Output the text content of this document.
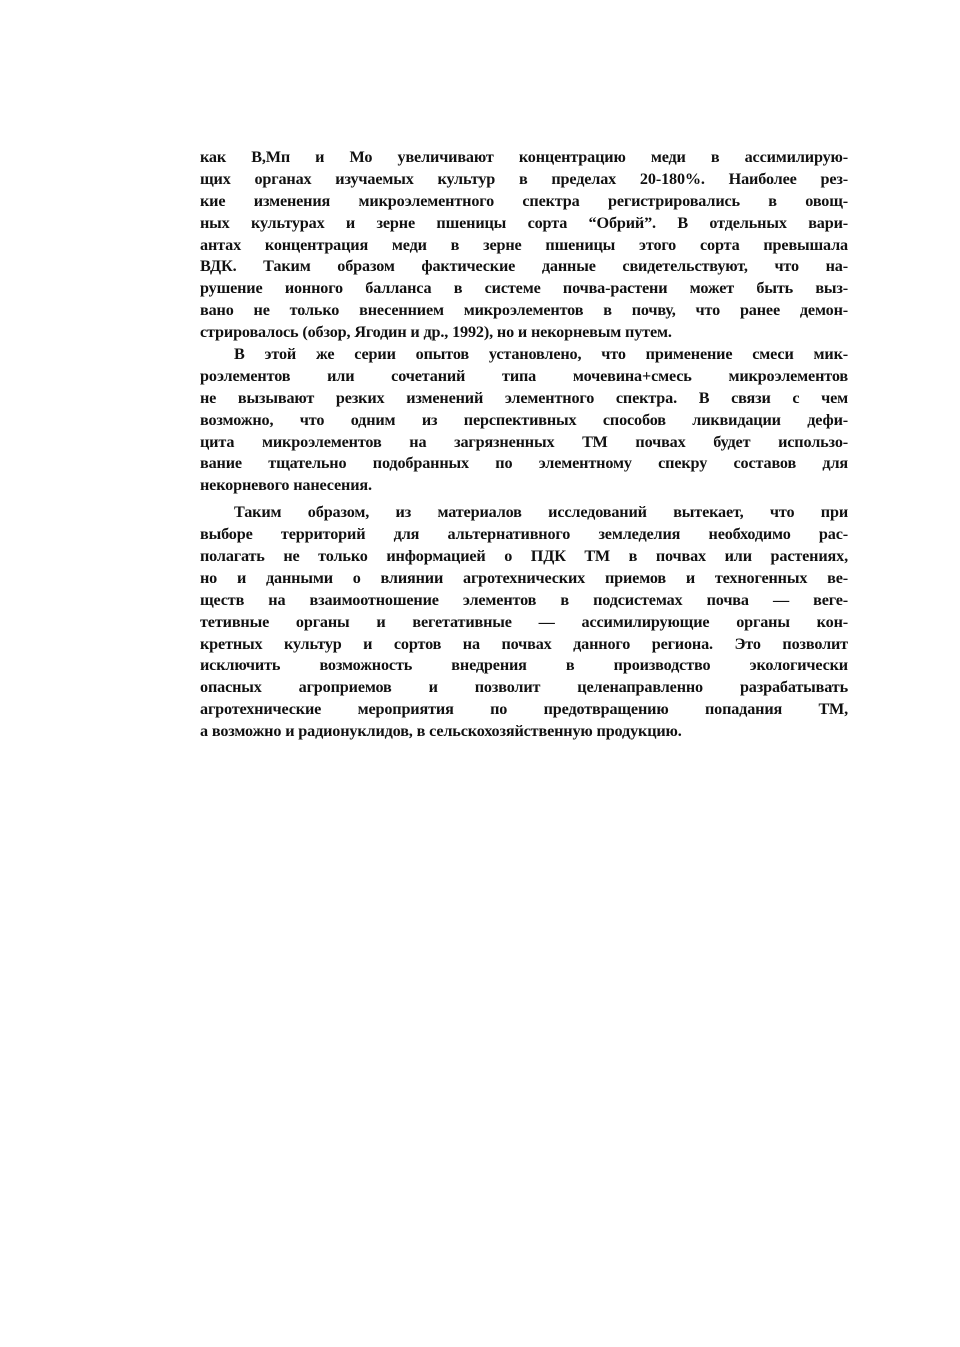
как В,Мп и Мо увеличивают концентрацию меди в ассимилирую-
щих органах изучаемых культур в пределах 20-180%. Наиболее рез-
кие изменения микроэлементного спектра регистрировались в овощ-
ных культурах и зерне пшеницы сорта “Обрий”. В отдельных вари-
антах концентрация меди в зерне пшеницы этого сорта превышала
ВДК. Таким образом фактические данные свидетельствуют, что на-
рушение ионного балланса в системе почва-растени может быть выз-
вано не только внесеннием микроэлементов в почву, что ранее демон-
стрировалось (обзор, Ягодин и др., 1992), но и некорневым путем.
В этой же серии опытов установлено, что применение смеси мик-
роэлементов или сочетаний типа мочевина+смесь микроэлементов
не вызывают резких изменений элементного спектра. В связи с чем
возможно, что одним из перспективных способов ликвидации дефи-
цита микроэлементов на загрязненных ТМ почвах будет использо-
вание тщательно подобранных по элементному спекру составов для
некорневого нанесения.
Таким образом, из материалов исследований вытекает, что при
выборе территорий для альтернативного земледелия необходимо рас-
полагать не только информацией о ПДК ТМ в почвах или растениях,
но и данными о влиянии агротехнических приемов и техногенных ве-
ществ на взаимоотношение элементов в подсистемах почва — веге-
тетивные органы и вегетативные — ассимилирующие органы кон-
кретных культур и сортов на почвах данного региона. Это позволит
исключить возможность внедрения в производство экологически
опасных агроприемов и позволит целенаправленно разрабатывать
агротехнические мероприятия по предотвращению попадания ТМ,
а возможно и радионуклидов, в сельскохозяйственную продукцию.
